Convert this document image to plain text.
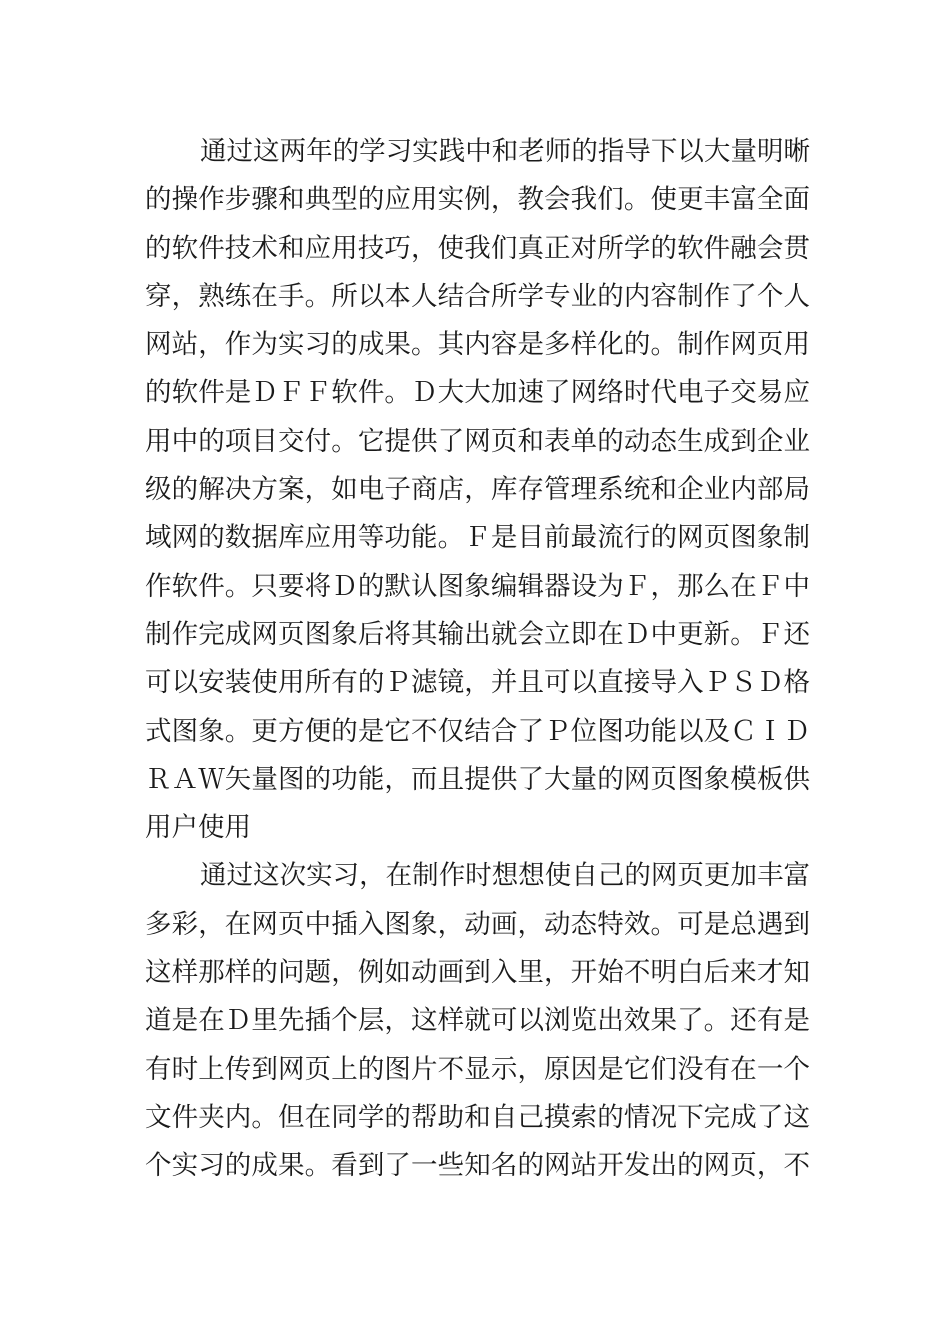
通过这两年的学习实践中和老师的指导下以大量明晰
的操作步骤和典型的应用实例，教会我们。使更丰富全面
的软件技术和应用技巧，使我们真正对所学的软件融会贯
穿，熟练在手。所以本人结合所学专业的内容制作了个人
网站，作为实习的成果。其内容是多样化的。制作网页用
的软件是ＤＦＦ软件。Ｄ大大加速了网络时代电子交易应
用中的项目交付。它提供了网页和表单的动态生成到企业
级的解决方案，如电子商店，库存管理系统和企业内部局
域网的数据库应用等功能。Ｆ是目前最流行的网页图象制
作软件。只要将Ｄ的默认图象编辑器设为Ｆ，那么在Ｆ中
制作完成网页图象后将其输出就会立即在Ｄ中更新。Ｆ还
可以安装使用所有的Ｐ滤镜，并且可以直接导入ＰＳＤ格
式图象。更方便的是它不仅结合了Ｐ位图功能以及ＣＩＤ
ＲＡＷ矢量图的功能，而且提供了大量的网页图象模板供
用户使用
通过这次实习，在制作时想想使自己的网页更加丰富
多彩，在网页中插入图象，动画，动态特效。可是总遇到
这样那样的问题，例如动画到入里，开始不明白后来才知
道是在Ｄ里先插个层，这样就可以浏览出效果了。还有是
有时上传到网页上的图片不显示，原因是它们没有在一个
文件夹内。但在同学的帮助和自己摸索的情况下完成了这
个实习的成果。看到了一些知名的网站开发出的网页，不
